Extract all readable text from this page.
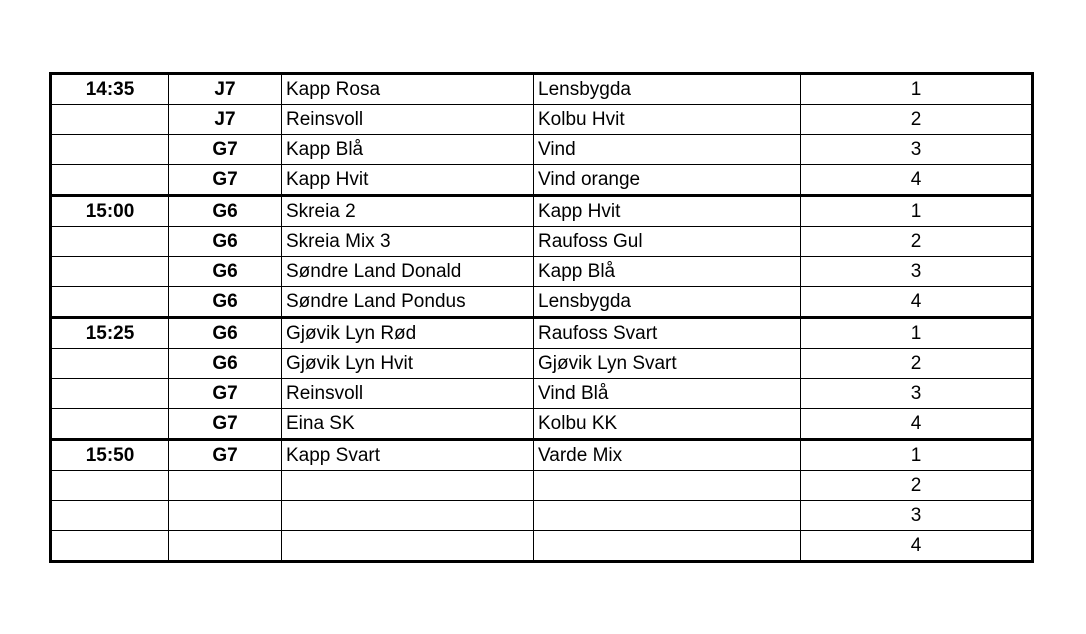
14:35	J7	Kapp Rosa	Lensbygda	1
	J7	Reinsvoll	Kolbu Hvit	2
	G7	Kapp Blå	Vind	3
	G7	Kapp Hvit	Vind orange	4
15:00	G6	Skreia 2	Kapp Hvit	1
	G6	Skreia Mix 3	Raufoss Gul	2
	G6	Søndre Land Donald	Kapp Blå	3
	G6	Søndre Land Pondus	Lensbygda	4
15:25	G6	Gjøvik Lyn Rød	Raufoss Svart	1
	G6	Gjøvik Lyn Hvit	Gjøvik Lyn Svart	2
	G7	Reinsvoll	Vind Blå	3
	G7	Eina SK	Kolbu KK	4
15:50	G7	Kapp Svart	Varde Mix	1
				2
				3
				4
